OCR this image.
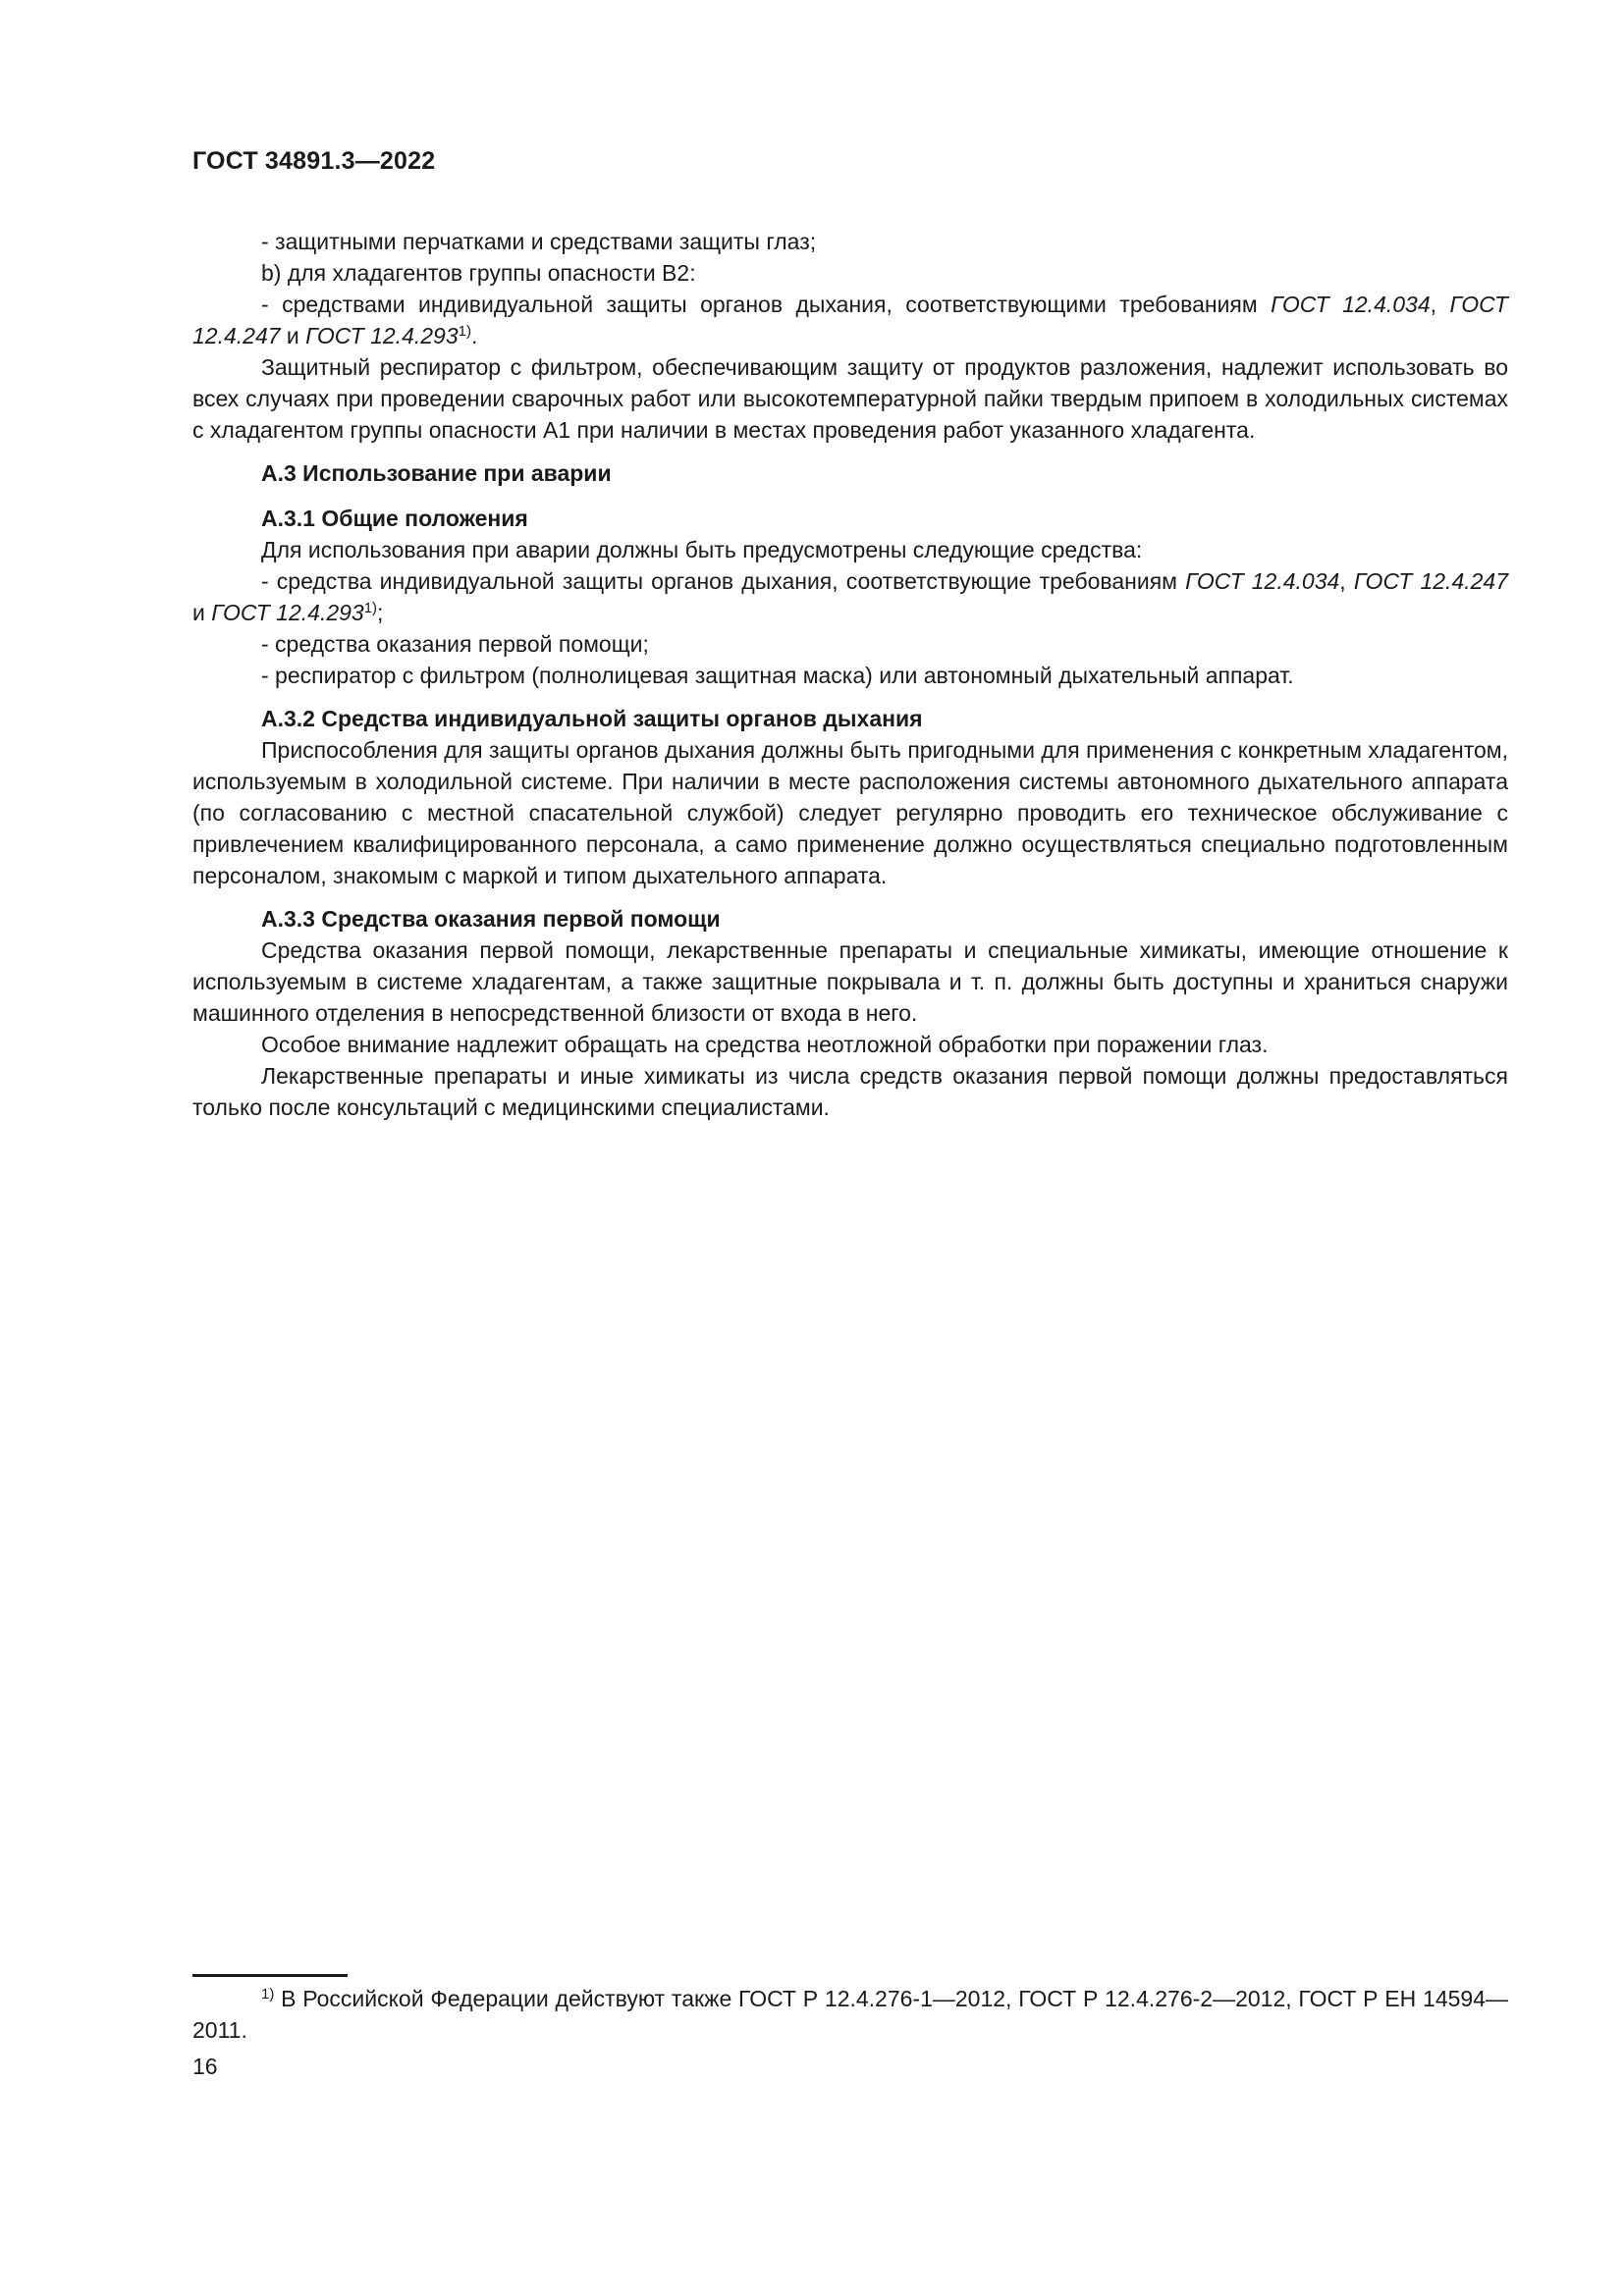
ГОСТ 34891.3—2022

- защитными перчатками и средствами защиты глаз;

b) для хладагентов группы опасности В2:

- средствами индивидуальной защиты органов дыхания, соответствующими требованиям ГОСТ 12.4.034, ГОСТ 12.4.247 и ГОСТ 12.4.293$^{1)}$.

Защитный респиратор с фильтром, обеспечивающим защиту от продуктов разложения, надлежит использовать во всех случаях при проведении сварочных работ или высокотемпературной пайки твердым припоем в холодильных системах с хладагентом группы опасности А1 при наличии в местах проведения работ указанного хладагента.

А.3 Использование при аварии

А.3.1 Общие положения

Для использования при аварии должны быть предусмотрены следующие средства:

- средства индивидуальной защиты органов дыхания, соответствующие требованиям ГОСТ 12.4.034, ГОСТ 12.4.247 и ГОСТ 12.4.293$^{1)}$;

- средства оказания первой помощи;

- респиратор с фильтром (полнолицевая защитная маска) или автономный дыхательный аппарат.

А.3.2 Средства индивидуальной защиты органов дыхания

Приспособления для защиты органов дыхания должны быть пригодными для применения с конкретным хладагентом, используемым в холодильной системе. При наличии в месте расположения системы автономного дыхательного аппарата (по согласованию с местной спасательной службой) следует регулярно проводить его техническое обслуживание с привлечением квалифицированного персонала, а само применение должно осуществляться специально подготовленным персоналом, знакомым с маркой и типом дыхательного аппарата.

А.3.3 Средства оказания первой помощи

Средства оказания первой помощи, лекарственные препараты и специальные химикаты, имеющие отношение к используемым в системе хладагентам, а также защитные покрывала и т. п. должны быть доступны и храниться снаружи машинного отделения в непосредственной близости от входа в него.

Особое внимание надлежит обращать на средства неотложной обработки при поражении глаз.

Лекарственные препараты и иные химикаты из числа средств оказания первой помощи должны предоставляться только после консультаций с медицинскими специалистами.

$^{1)}$ В Российской Федерации действуют также ГОСТ Р 12.4.276-1—2012, ГОСТ Р 12.4.276-2—2012, ГОСТ Р ЕН 14594—2011.

16
